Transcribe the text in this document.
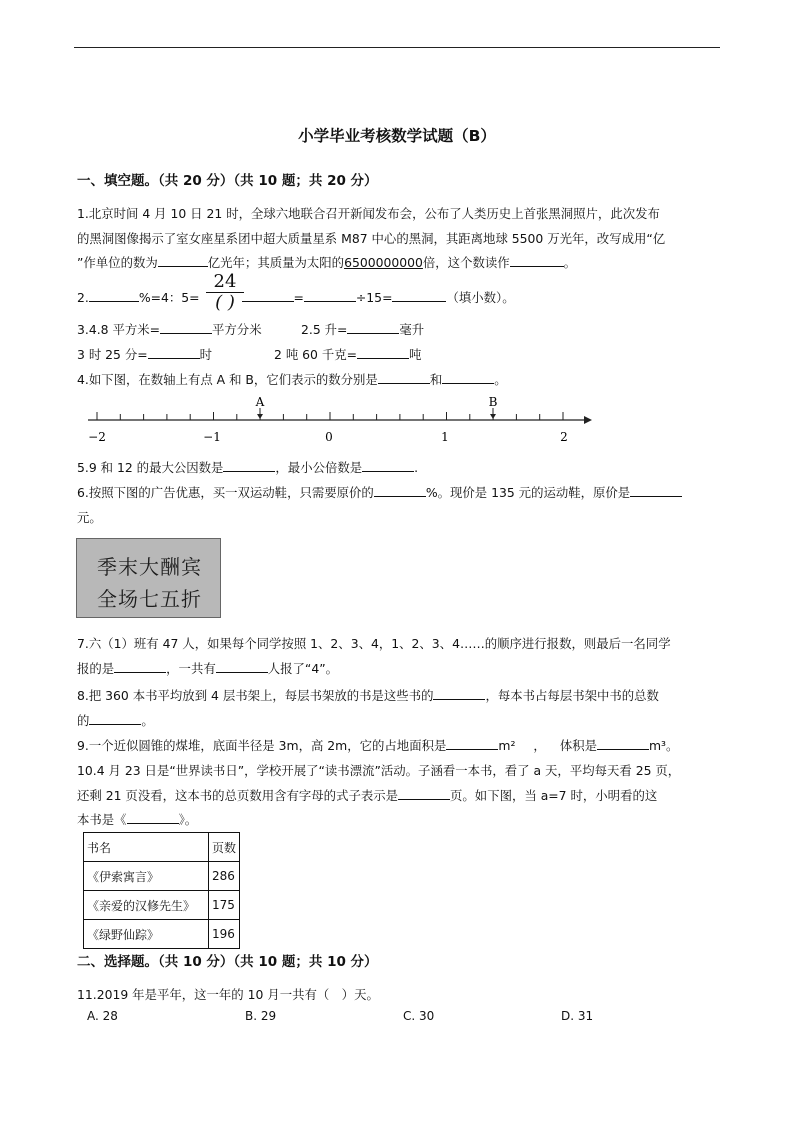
小学毕业考核数学试题（B）
一、填空题。（共 20 分）（共 10 题；共 20 分）
1.北京时间 4 月 10 日 21 时，全球六地联合召开新闻发布会，公布了人类历史上首张黑洞照片，此次发布
的黑洞图像揭示了室女座星系团中超大质量星系 M87 中心的黑洞，其距离地球 5500 万光年，改写成用“亿
”作单位的数为	亿光年；其质量为太阳的6500000000倍，这个数读作	。
2.	%=4：5=	=	÷15=	（填小数）。
24
( )
3.4.8 平方米=	平方分米	2.5 升=	毫升
3 时 25 分=	时	2 吨 60 千克=	吨
4.如下图，在数轴上有点 A 和 B，它们表示的数分别是	和	。
−2	−1	0	1	2
A	B
5.9 和 12 的最大公因数是	，最小公倍数是	.
6.按照下图的广告优惠，买一双运动鞋，只需要原价的	%。现价是 135 元的运动鞋，原价是
元。
季末大酬宾
全场七五折
7.六（1）班有 47 人，如果每个同学按照 1、2、3、4，1、2、3、4……的顺序进行报数，则最后一名同学
报的是	，一共有	人报了“4”。
8.把 360 本书平均放到 4 层书架上，每层书架放的书是这些书的	，每本书占每层书架中书的总数
的	。
9.一个近似圆锥的煤堆，底面半径是 3m，高 2m，它的占地面积是	m² ， 体积是	m³。
10.4 月 23 日是“世界读书日”，学校开展了“读书漂流”活动。子涵看一本书，看了 a 天，平均每天看 25 页，
还剩 21 页没看，这本书的总页数用含有字母的式子表示是	页。如下图，当 a=7 时，小明看的这
本书是《	》。
书名	页数
《伊索寓言》	286
《亲爱的汉修先生》	175
《绿野仙踪》	196
二、选择题。（共 10 分）（共 10 题；共 10 分）
11.2019 年是平年，这一年的 10 月一共有（　）天。
A. 28	B. 29	C. 30	D. 31
